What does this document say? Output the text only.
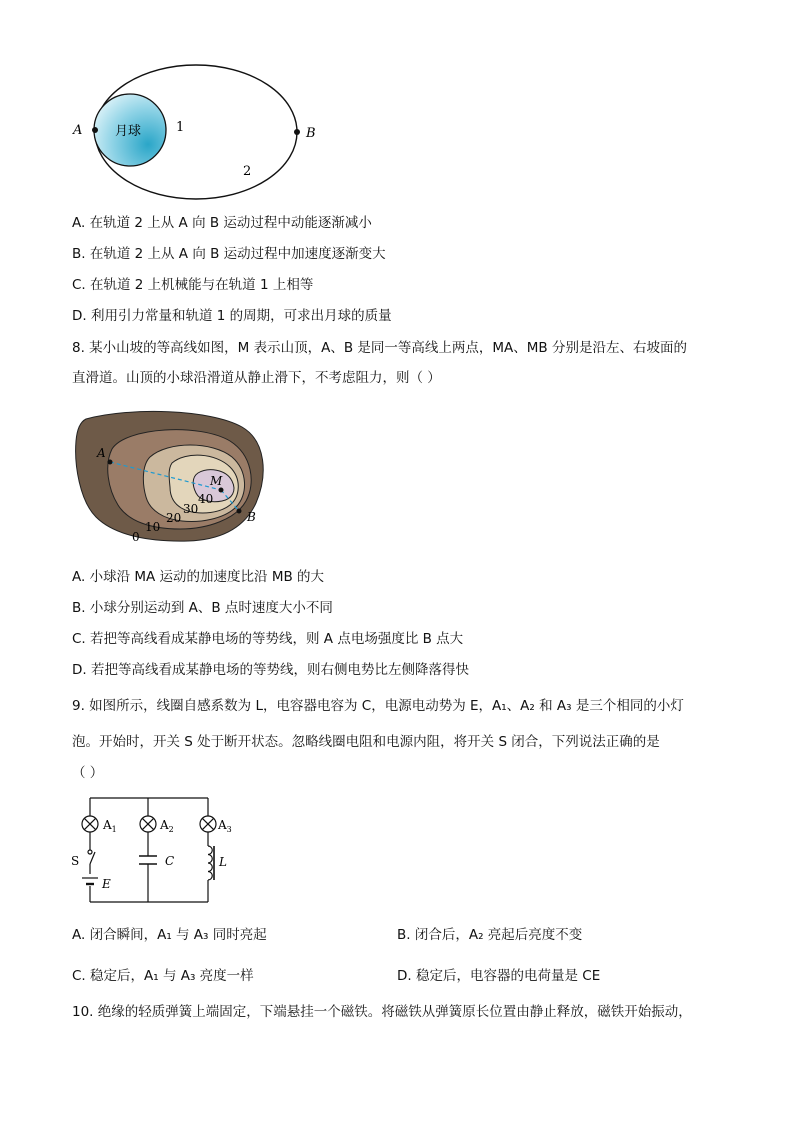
A	B
月球	1
2
A. 在轨道 2 上从 A 向 B 运动过程中动能逐渐减小
B. 在轨道 2 上从 A 向 B 运动过程中加速度逐渐变大
C. 在轨道 2 上机械能与在轨道 1 上相等
D. 利用引力常量和轨道 1 的周期，可求出月球的质量
8. 某小山坡的等高线如图，M 表示山顶，A、B 是同一等高线上两点，MA、MB 分别是沿左、右坡面的
直滑道。山顶的小球沿滑道从静止滑下，不考虑阻力，则（ ）
A
M
B
40
30
20
10
0
A. 小球沿 MA 运动的加速度比沿 MB 的大
B. 小球分别运动到 A、B 点时速度大小不同
C. 若把等高线看成某静电场的等势线，则 A 点电场强度比 B 点大
D. 若把等高线看成某静电场的等势线，则右侧电势比左侧降落得快
9. 如图所示，线圈自感系数为 L，电容器电容为 C，电源电动势为 E，A₁、A₂ 和 A₃ 是三个相同的小灯
泡。开始时，开关 S 处于断开状态。忽略线圈电阻和电源内阻，将开关 S 闭合，下列说法正确的是
（ ）
$A_1$	$A_2$	$A_3$
S	C	L
E
A. 闭合瞬间，A₁ 与 A₃ 同时亮起	B. 闭合后，A₂ 亮起后亮度不变
C. 稳定后，A₁ 与 A₃ 亮度一样	D. 稳定后，电容器的电荷量是 CE
10. 绝缘的轻质弹簧上端固定，下端悬挂一个磁铁。将磁铁从弹簧原长位置由静止释放，磁铁开始振动，
